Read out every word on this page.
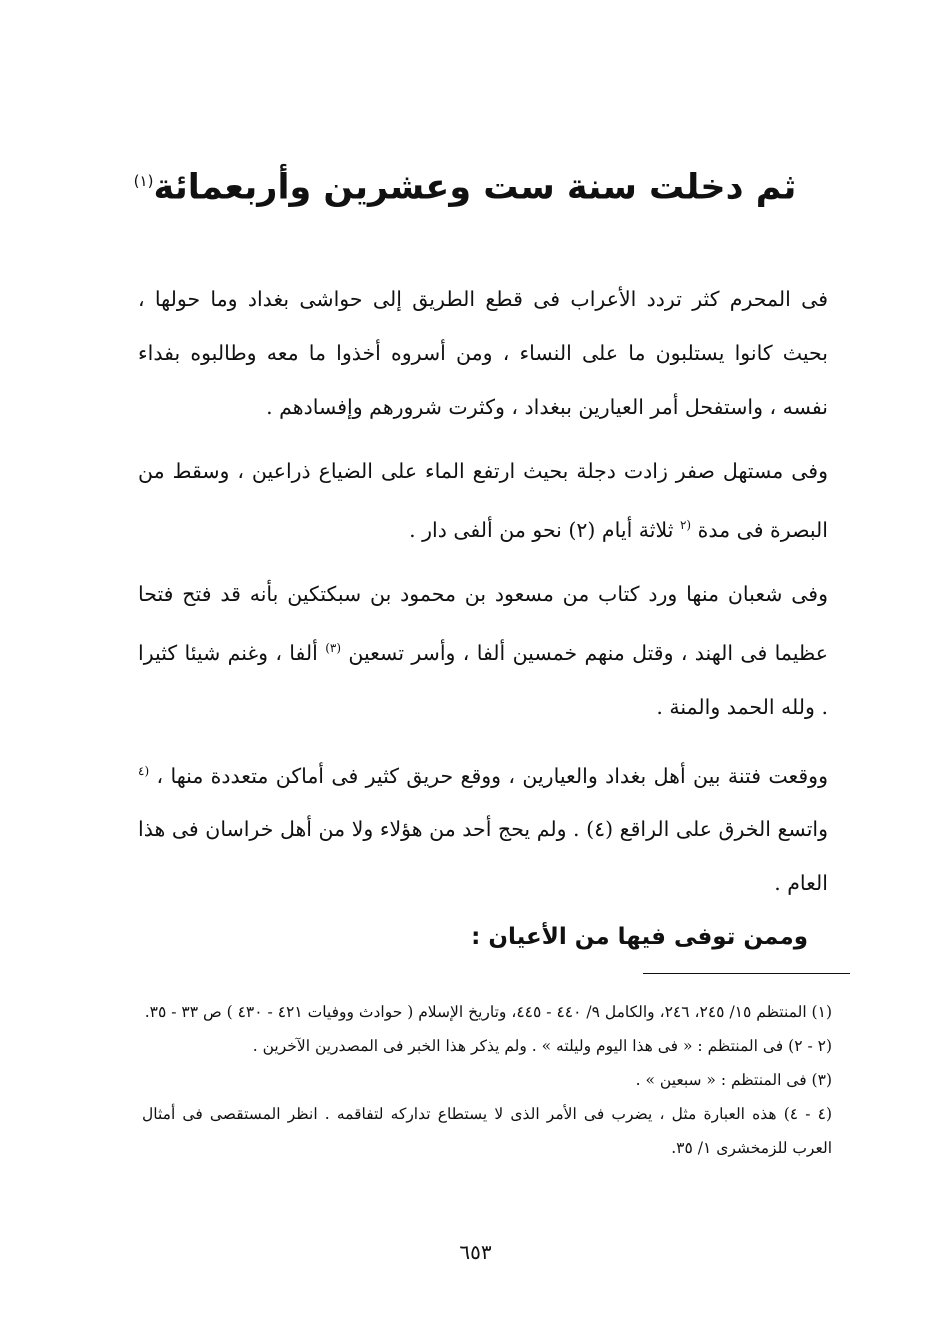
ثم دخلت سنة ست وعشرين وأربعمائة$^{(١)}$

فى المحرم كثر تردد الأعراب فى قطع الطريق إلى حواشى بغداد وما حولها ، بحيث كانوا يستلبون ما على النساء ، ومن أسروه أخذوا ما معه وطالبوه بفداء نفسه ، واستفحل أمر العيارين ببغداد ، وكثرت شرورهم وإفسادهم .

وفى مستهل صفر زادت دجلة بحيث ارتفع الماء على الضياع ذراعين ، وسقط من البصرة فى مدة $^{(٢}$ ثلاثة أيام (٢) نحو من ألفى دار .

وفى شعبان منها ورد كتاب من مسعود بن محمود بن سبكتكين بأنه قد فتح فتحا عظيما فى الهند ، وقتل منهم خمسين ألفا ، وأسر تسعين $^{(٣)}$ ألفا ، وغنم شيئا كثيرا . ولله الحمد والمنة .

ووقعت فتنة بين أهل بغداد والعيارين ، ووقع حريق كثير فى أماكن متعددة منها ، $^{(٤}$ واتسع الخرق على الراقع (٤) . ولم يحج أحد من هؤلاء ولا من أهل خراسان فى هذا العام .

وممن توفى فيها من الأعيان :

(١) المنتظم ١٥/ ٢٤٥، ٢٤٦، والكامل ٩/ ٤٤٠ - ٤٤٥، وتاريخ الإسلام ( حوادث ووفيات ٤٢١ - ٤٣٠ ) ص ٣٣ - ٣٥.

(٢ - ٢) فى المنتظم : « فى هذا اليوم وليلته » . ولم يذكر هذا الخبر فى المصدرين الآخرين .

(٣) فى المنتظم : « سبعين » .

(٤ - ٤) هذه العبارة مثل ، يضرب فى الأمر الذى لا يستطاع تداركه لتفاقمه . انظر المستقصى فى أمثال العرب للزمخشرى ١/ ٣٥.

٦٥٣
